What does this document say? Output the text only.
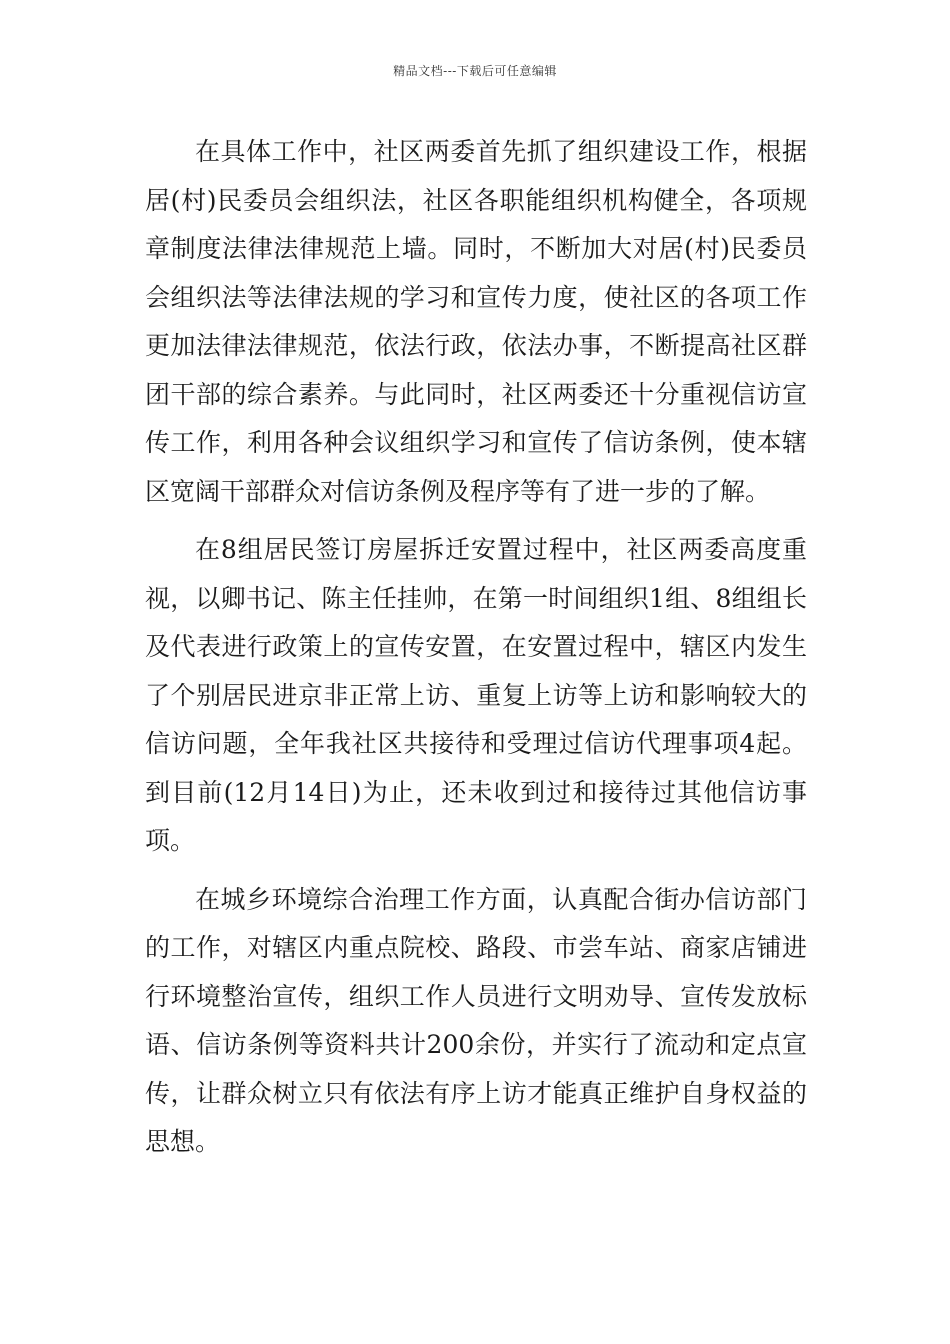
精品文档---下载后可任意编辑

在具体工作中，社区两委首先抓了组织建设工作，根据居(村)民委员会组织法，社区各职能组织机构健全，各项规章制度法律法律规范上墙。同时，不断加大对居(村)民委员会组织法等法律法规的学习和宣传力度，使社区的各项工作更加法律法律规范，依法行政，依法办事，不断提高社区群团干部的综合素养。与此同时，社区两委还十分重视信访宣传工作，利用各种会议组织学习和宣传了信访条例，使本辖区宽阔干部群众对信访条例及程序等有了进一步的了解。

在8组居民签订房屋拆迁安置过程中，社区两委高度重视，以卿书记、陈主任挂帅，在第一时间组织1组、8组组长及代表进行政策上的宣传安置，在安置过程中，辖区内发生了个别居民进京非正常上访、重复上访等上访和影响较大的信访问题，全年我社区共接待和受理过信访代理事项4起。到目前(12月14日)为止，还未收到过和接待过其他信访事项。

在城乡环境综合治理工作方面，认真配合街办信访部门的工作，对辖区内重点院校、路段、市尝车站、商家店铺进行环境整治宣传，组织工作人员进行文明劝导、宣传发放标语、信访条例等资料共计200余份，并实行了流动和定点宣传，让群众树立只有依法有序上访才能真正维护自身权益的思想。
